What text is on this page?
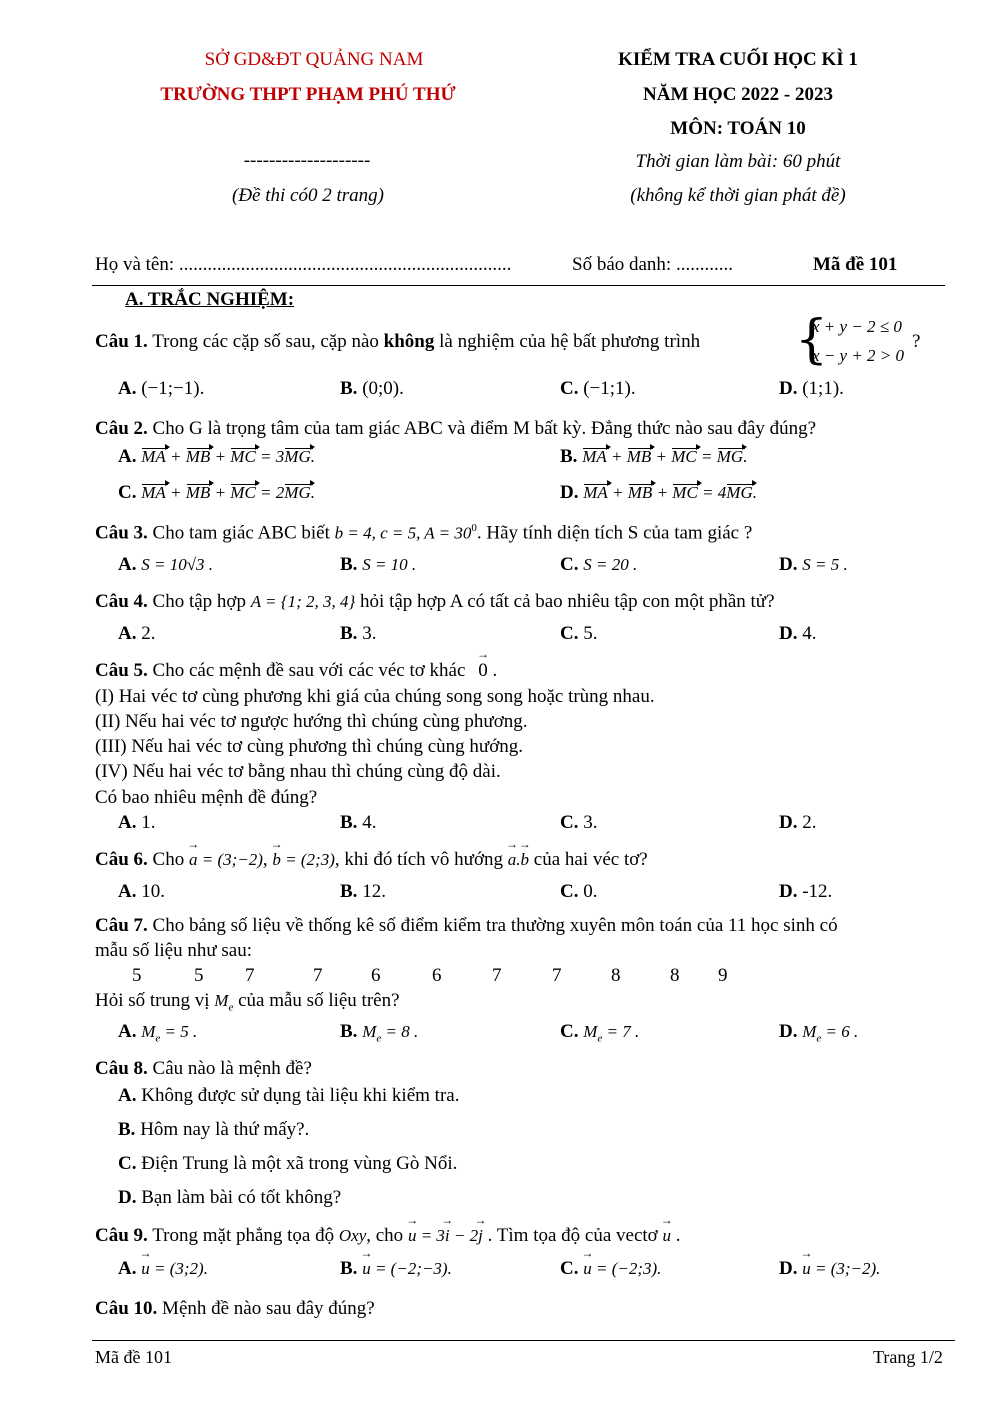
SỞ GD&ĐT QUẢNG NAM
TRƯỜNG THPT PHẠM PHÚ THỨ
--------------------
(Đề thi có0 2 trang)
KIỂM TRA CUỐI HỌC KÌ 1
NĂM HỌC 2022 - 2023
MÔN: TOÁN 10
Thời gian làm bài: 60 phút
(không kể thời gian phát đề)
Họ và tên: ......................................................................	Số báo danh: ............	Mã đề 101
A. TRẮC NGHIỆM:
Câu 1. Trong các cặp số sau, cặp nào không là nghiệm của hệ bất phương trình {
x + y − 2 ≤ 0
x − y + 2 > 0
?
A. (−1;−1).	B. (0;0).	C. (−1;1).	D. (1;1).
Câu 2. Cho G là trọng tâm của tam giác ABC và điểm M bất kỳ. Đẳng thức nào sau đây đúng?
A. MA + MB + MC = 3MG.	B. MA + MB + MC = MG.
C. MA + MB + MC = 2MG.	D. MA + MB + MC = 4MG.
Câu 3. Cho tam giác ABC biết b = 4, c = 5, $A = 30^0$. Hãy tính diện tích S của tam giác ?
A. S = 10√3 .	B. S = 10 .	C. S = 20 .	D. S = 5 .
Câu 4. Cho tập hợp A = {1; 2, 3, 4} hỏi tập hợp A có tất cả bao nhiêu tập con một phần tử?
A. 2.	B. 3.	C. 5.	D. 4.
Câu 5. Cho các mệnh đề sau với các véc tơ khác 0 → .
(I) Hai véc tơ cùng phương khi giá của chúng song song hoặc trùng nhau.
(II) Nếu hai véc tơ ngược hướng thì chúng cùng phương.
(III) Nếu hai véc tơ cùng phương thì chúng cùng hướng.
(IV) Nếu hai véc tơ bằng nhau thì chúng cùng độ dài.
Có bao nhiêu mệnh đề đúng?
A. 1.	B. 4.	C. 3.	D. 2.
Câu 6. Cho a → = (3;−2), b → = (2;3), khi đó tích vô hướng a →.b → của hai véc tơ?
A. 10.	B. 12.	C. 0.	D. -12.
Câu 7. Cho bảng số liệu về thống kê số điểm kiểm tra thường xuyên môn toán của 11 học sinh có
mẫu số liệu như sau:
5	5 7	7	6	6	7	7	8	8 9
Hỏi số trung vị $M_e$ của mẫu số liệu trên?
A. $M_e = 5$ .	B. $M_e = 8$ .	C. $M_e = 7$ .	D. $M_e = 6$ .
Câu 8. Câu nào là mệnh đề?
A. Không được sử dụng tài liệu khi kiểm tra.
B. Hôm nay là thứ mấy?.
C. Điện Trung là một xã trong vùng Gò Nổi.
D. Bạn làm bài có tốt không?
Câu 9. Trong mặt phẳng tọa độ Oxy, cho u → = 3i → − 2j → . Tìm tọa độ của vectơ u → .
A. u → = (3;2).	B. u → = (−2;−3).	C. u → = (−2;3).	D. u → = (3;−2).
Câu 10. Mệnh đề nào sau đây đúng?
Mã đề 101	Trang 1/2
